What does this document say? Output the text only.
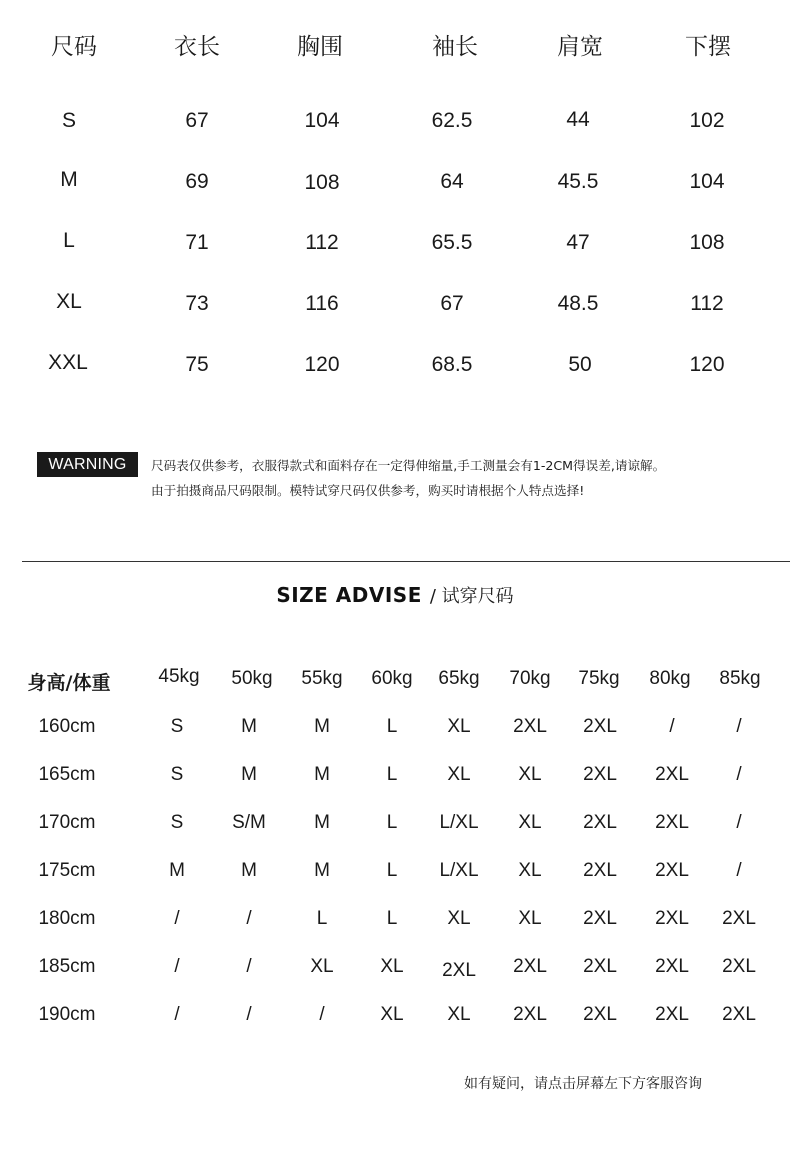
尺码	衣长	胸围	袖长	肩宽	下摆
S	67	104	62.5	44	102
M	69	108	64	45.5	104
L	71	112	65.5	47	108
XL	73	116	67	48.5	112
XXL	75	120	68.5	50	120
WARNING	尺码表仅供参考，衣服得款式和面料存在一定得伸缩量,手工测量会有1-2CM得误差,请谅解。
由于拍摄商品尺码限制。模特试穿尺码仅供参考，购买时请根据个人特点选择!
SIZE ADVISE / 试穿尺码
身高/体重	45kg 50kg 55kg 60kg 65kg 70kg 75kg 80kg 85kg
160cm	S	M	M	L	XL 2XL 2XL	/	/
165cm	S	M	M	L	XL	XL 2XL 2XL /
170cm	S	S/M	M	L L/XL XL 2XL 2XL /
175cm	M	M	M	L L/XL XL 2XL 2XL /
180cm	/	/	L	L	XL	XL 2XL 2XL 2XL
185cm	/	/	XL XL 2XL 2XL 2XL 2XL 2XL
190cm	/	/	/	XL XL 2XL 2XL 2XL 2XL
如有疑问，请点击屏幕左下方客服咨询
